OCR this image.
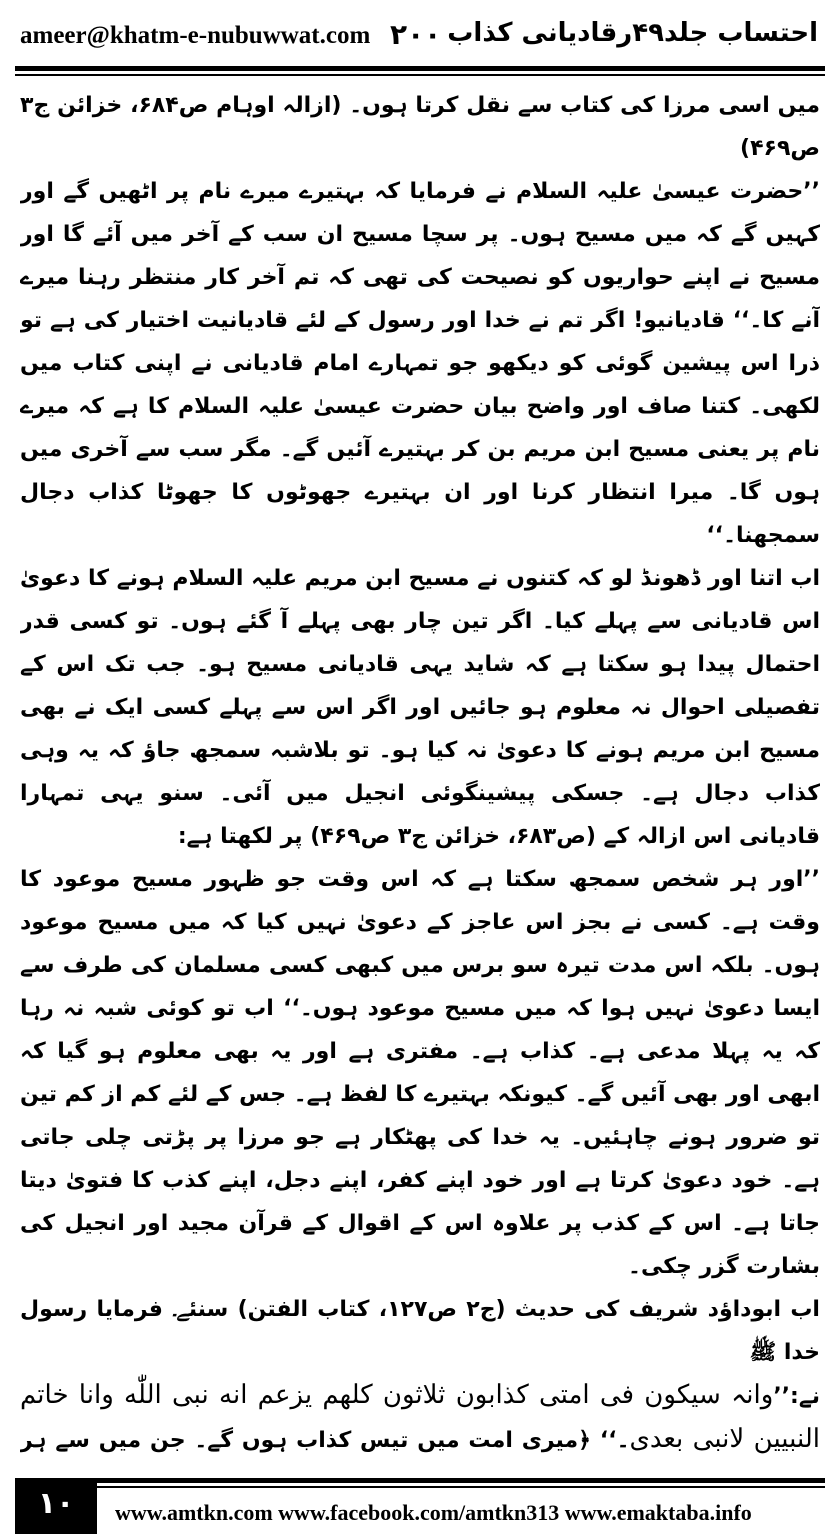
ameer@khatm-e-nubuwwat.com ۲۰۰ احتساب جلد۴۹رقادیانی کذاب

میں اسی مرزا کی کتاب سے نقل کرتا ہوں۔ (ازالہ اوہام ص۶۸۴، خزائن ج۳ ص۴۶۹)

’’حضرت عیسیٰ علیہ السلام نے فرمایا کہ بہتیرے میرے نام پر اٹھیں گے اور کہیں گے کہ میں مسیح ہوں۔ پر سچا مسیح ان سب کے آخر میں آئے گا اور مسیح نے اپنے حواریوں کو نصیحت کی تھی کہ تم آخر کار منتظر رہنا میرے آنے کا۔‘‘ قادیانیو! اگر تم نے خدا اور رسول کے لئے قادیانیت اختیار کی ہے تو ذرا اس پیشین گوئی کو دیکھو جو تمہارے امام قادیانی نے اپنی کتاب میں لکھی۔ کتنا صاف اور واضح بیان حضرت عیسیٰ علیہ السلام کا ہے کہ میرے نام پر یعنی مسیح ابن مریم بن کر بہتیرے آئیں گے۔ مگر سب سے آخری میں ہوں گا۔ میرا انتظار کرنا اور ان بہتیرے جھوٹوں کا جھوٹا کذاب دجال سمجھنا۔‘‘

اب اتنا اور ڈھونڈ لو کہ کتنوں نے مسیح ابن مریم علیہ السلام ہونے کا دعویٰ اس قادیانی سے پہلے کیا۔ اگر تین چار بھی پہلے آ گئے ہوں۔ تو کسی قدر احتمال پیدا ہو سکتا ہے کہ شاید یہی قادیانی مسیح ہو۔ جب تک اس کے تفصیلی احوال نہ معلوم ہو جائیں اور اگر اس سے پہلے کسی ایک نے بھی مسیح ابن مریم ہونے کا دعویٰ نہ کیا ہو۔ تو بلاشبہ سمجھ جاؤ کہ یہ وہی کذاب دجال ہے۔ جسکی پیشینگوئی انجیل میں آئی۔ سنو یہی تمہارا قادیانی اس ازالہ کے (ص۶۸۳، خزائن ج۳ ص۴۶۹) پر لکھتا ہے:

’’اور ہر شخص سمجھ سکتا ہے کہ اس وقت جو ظہور مسیح موعود کا وقت ہے۔ کسی نے بجز اس عاجز کے دعویٰ نہیں کیا کہ میں مسیح موعود ہوں۔ بلکہ اس مدت تیرہ سو برس میں کبھی کسی مسلمان کی طرف سے ایسا دعویٰ نہیں ہوا کہ میں مسیح موعود ہوں۔‘‘ اب تو کوئی شبہ نہ رہا کہ یہ پہلا مدعی ہے۔ کذاب ہے۔ مفتری ہے اور یہ بھی معلوم ہو گیا کہ ابھی اور بھی آئیں گے۔ کیونکہ بہتیرے کا لفظ ہے۔ جس کے لئے کم از کم تین تو ضرور ہونے چاہئیں۔ یہ خدا کی پھٹکار ہے جو مرزا پر پڑتی چلی جاتی ہے۔ خود دعویٰ کرتا ہے اور خود اپنے کفر، اپنے دجل، اپنے کذب کا فتویٰ دیتا جاتا ہے۔ اس کے کذب پر علاوہ اس کے اقوال کے قرآن مجید اور انجیل کی بشارت گزر چکی۔

اب ابوداؤد شریف کی حدیث (ج۲ ص۱۲۷، کتاب الفتن) سنئے۔ فرمایا رسول خدا ﷺ

نے:’’وانہ سیکون فی امتی کذابون ثلاثون کلهم یزعم انه نبی اللّٰه وانا خاتم النبیین لانبی بعدی۔‘‘ ﴿میری امت میں تیس کذاب ہوں گے۔ جن میں سے ہر

۱۰	www.amtkn.com www.facebook.com/amtkn313 www.emaktaba.info
